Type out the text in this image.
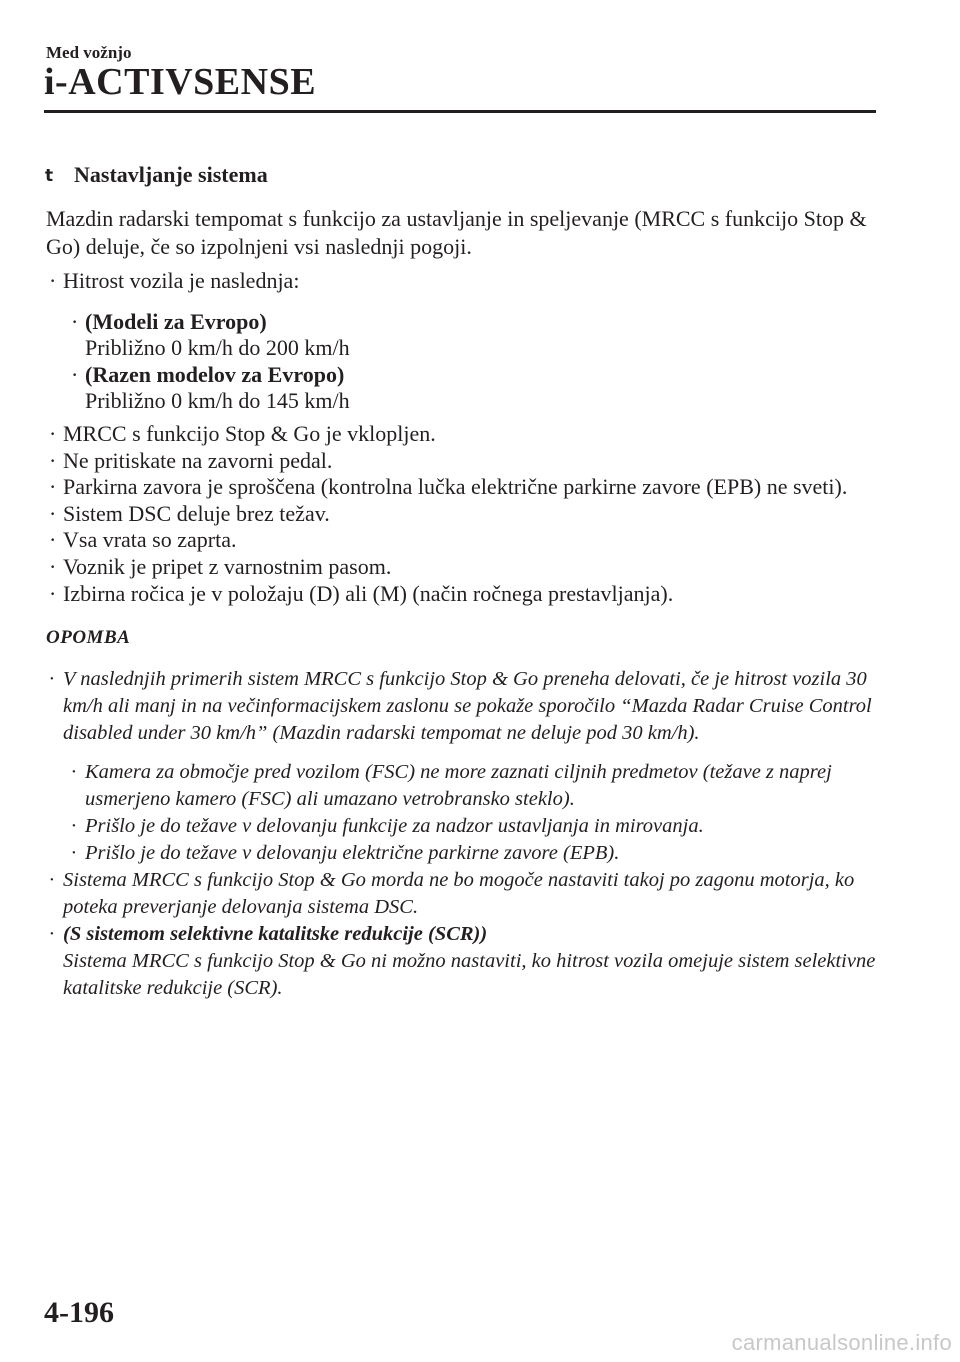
Med vožnjo
i-ACTIVSENSE
t Nastavljanje sistema
Mazdin radarski tempomat s funkcijo za ustavljanje in speljevanje (MRCC s funkcijo Stop & Go) deluje, če so izpolnjeni vsi naslednji pogoji.
· Hitrost vozila je naslednja:
· (Modeli za Evropo)
Približno 0 km/h do 200 km/h
· (Razen modelov za Evropo)
Približno 0 km/h do 145 km/h
· MRCC s funkcijo Stop & Go je vklopljen.
· Ne pritiskate na zavorni pedal.
· Parkirna zavora je sproščena (kontrolna lučka električne parkirne zavore (EPB) ne sveti).
· Sistem DSC deluje brez težav.
· Vsa vrata so zaprta.
· Voznik je pripet z varnostnim pasom.
· Izbirna ročica je v položaju (D) ali (M) (način ročnega prestavljanja).
OPOMBA
· V naslednjih primerih sistem MRCC s funkcijo Stop & Go preneha delovati, če je hitrost vozila 30 km/h ali manj in na večinformacijskem zaslonu se pokaže sporočilo “Mazda Radar Cruise Control disabled under 30 km/h” (Mazdin radarski tempomat ne deluje pod 30 km/h).
· Kamera za območje pred vozilom (FSC) ne more zaznati ciljnih predmetov (težave z naprej usmerjeno kamero (FSC) ali umazano vetrobransko steklo).
· Prišlo je do težave v delovanju funkcije za nadzor ustavljanja in mirovanja.
· Prišlo je do težave v delovanju električne parkirne zavore (EPB).
· Sistema MRCC s funkcijo Stop & Go morda ne bo mogoče nastaviti takoj po zagonu motorja, ko poteka preverjanje delovanja sistema DSC.
· (S sistemom selektivne katalitske redukcije (SCR))
Sistema MRCC s funkcijo Stop & Go ni možno nastaviti, ko hitrost vozila omejuje sistem selektivne katalitske redukcije (SCR).
4-196
carmanualsonline.info
